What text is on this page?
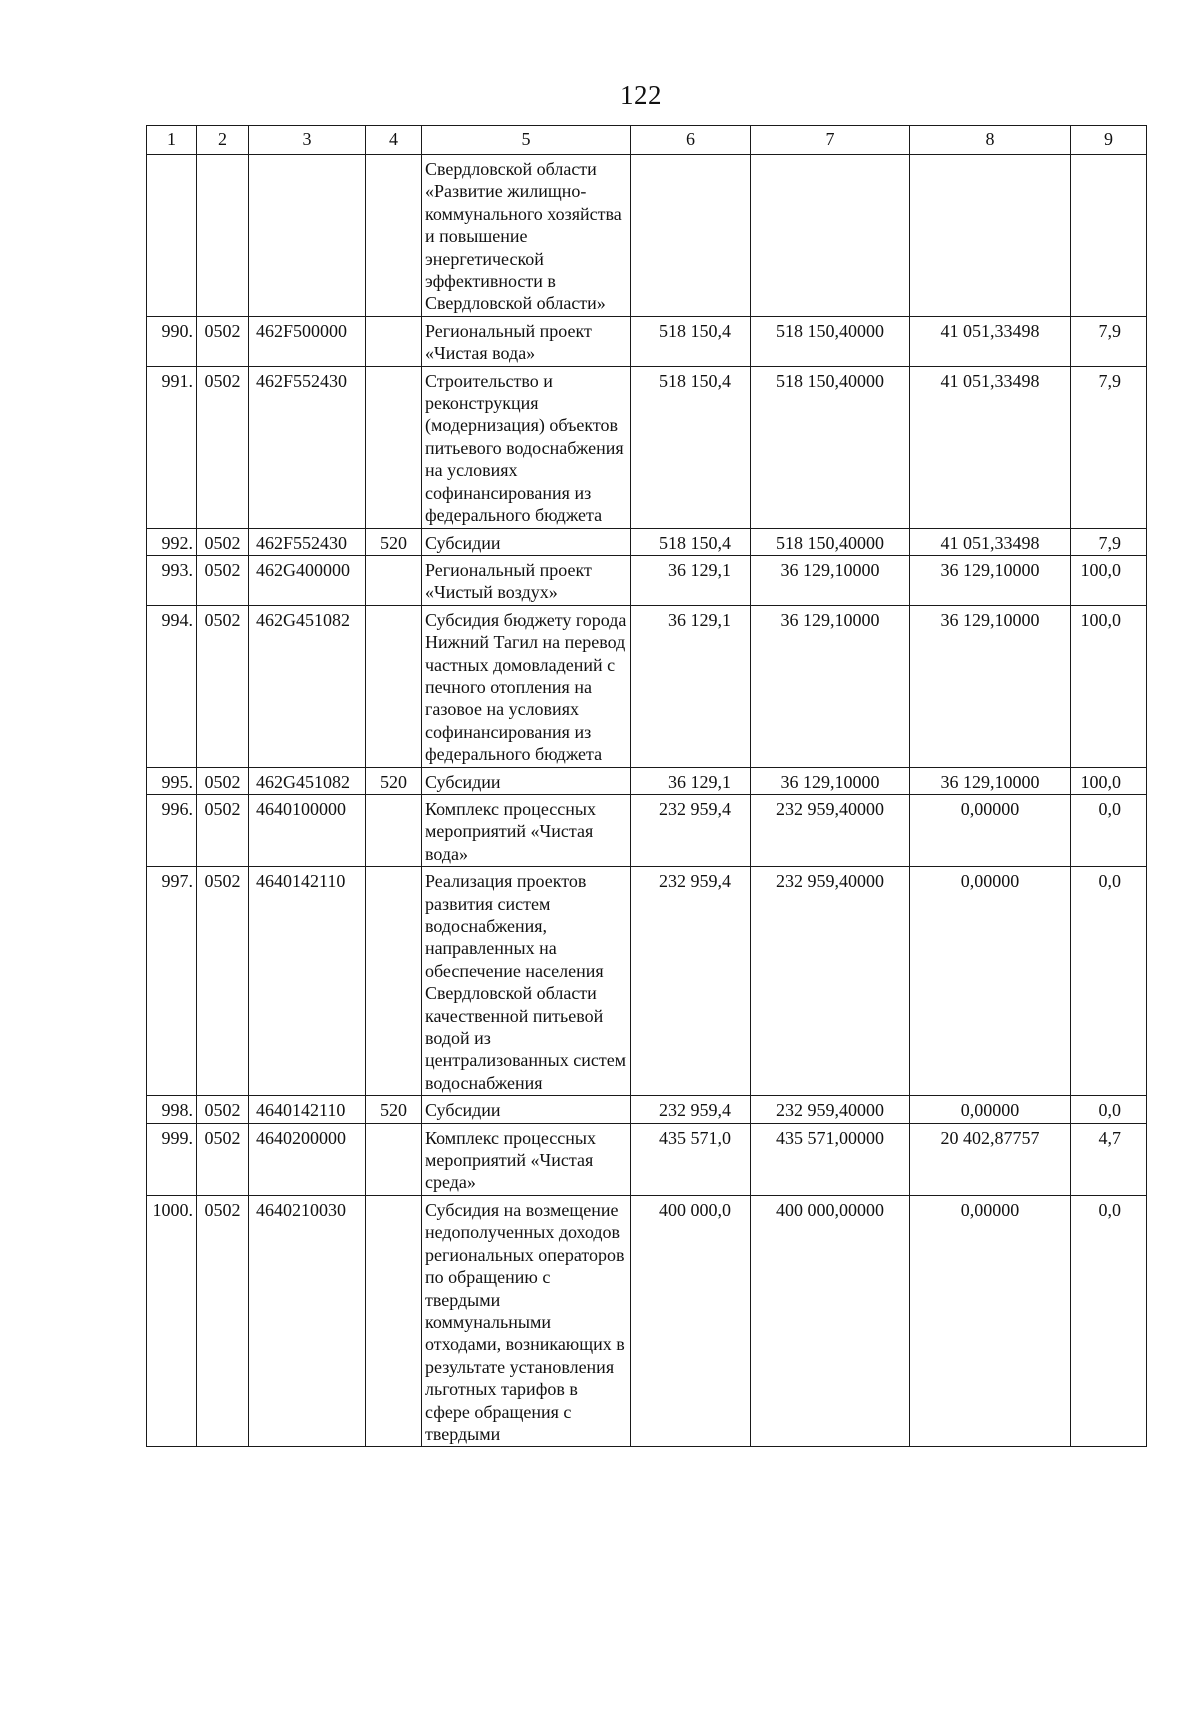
122
1	2	3	4	5	6	7	8	9
				Свердловской области «Развитие жилищно-коммунального хозяйства и повышение энергетической эффективности в Свердловской области»				
990.	0502	462F500000		Региональный проект «Чистая вода»	518 150,4	518 150,40000	41 051,33498	7,9
991.	0502	462F552430		Строительство и реконструкция (модернизация) объектов питьевого водоснабжения на условиях софинансирования из федерального бюджета	518 150,4	518 150,40000	41 051,33498	7,9
992.	0502	462F552430	520	Субсидии	518 150,4	518 150,40000	41 051,33498	7,9
993.	0502	462G400000		Региональный проект «Чистый воздух»	36 129,1	36 129,10000	36 129,10000	100,0
994.	0502	462G451082		Субсидия бюджету города Нижний Тагил на перевод частных домовладений с печного отопления на газовое на условиях софинансирования из федерального бюджета	36 129,1	36 129,10000	36 129,10000	100,0
995.	0502	462G451082	520	Субсидии	36 129,1	36 129,10000	36 129,10000	100,0
996.	0502	4640100000		Комплекс процессных мероприятий «Чистая вода»	232 959,4	232 959,40000	0,00000	0,0
997.	0502	4640142110		Реализация проектов развития систем водоснабжения, направленных на обеспечение населения Свердловской области качественной питьевой водой из централизованных систем водоснабжения	232 959,4	232 959,40000	0,00000	0,0
998.	0502	4640142110	520	Субсидии	232 959,4	232 959,40000	0,00000	0,0
999.	0502	4640200000		Комплекс процессных мероприятий «Чистая среда»	435 571,0	435 571,00000	20 402,87757	4,7
1000.	0502	4640210030		Субсидия на возмещение недополученных доходов региональных операторов по обращению с твердыми коммунальными отходами, возникающих в результате установления льготных тарифов в сфере обращения с твердыми	400 000,0	400 000,00000	0,00000	0,0
